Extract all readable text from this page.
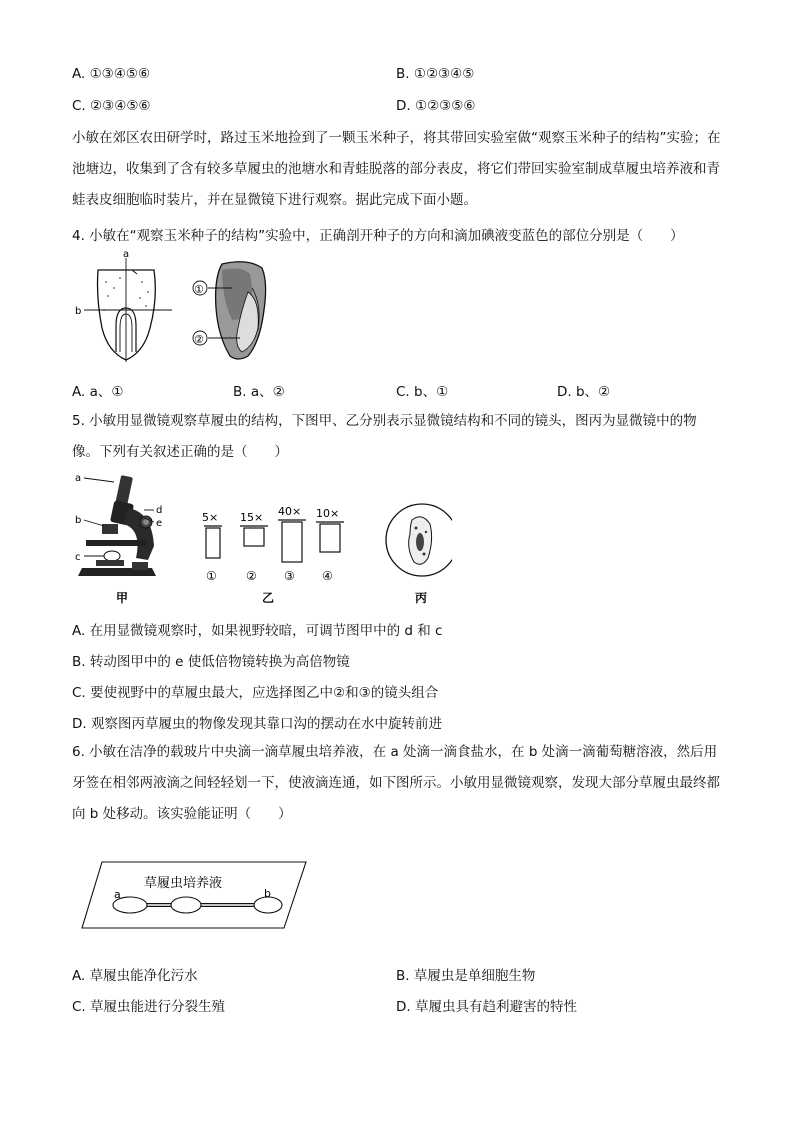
A. ①③④⑤⑥	B. ①②③④⑤
C. ②③④⑤⑥	D. ①②③⑤⑥
小敏在郊区农田研学时，路过玉米地捡到了一颗玉米种子，将其带回实验室做“观察玉米种子的结构”实验；在池塘边，收集到了含有较多草履虫的池塘水和青蛙脱落的部分表皮，将它们带回实验室制成草履虫培养液和青蛙表皮细胞临时装片，并在显微镜下进行观察。据此完成下面小题。
4. 小敏在“观察玉米种子的结构”实验中，正确剖开种子的方向和滴加碘液变蓝色的部位分别是（　　）
a
b
①
②
A. a、①	B. a、②	C. b、①	D. b、②
5. 小敏用显微镜观察草履虫的结构，下图甲、乙分别表示显微镜结构和不同的镜头，图丙为显微镜中的物像。下列有关叙述正确的是（　　）
a
b
c
d
e	5× 15× 40× 10×
① ② ③ ④
甲	乙	丙
A. 在用显微镜观察时，如果视野较暗，可调节图甲中的 d 和 c
B. 转动图甲中的 e 使低倍物镜转换为高倍物镜
C. 要使视野中的草履虫最大，应选择图乙中②和③的镜头组合
D. 观察图丙草履虫的物像发现其靠口沟的摆动在水中旋转前进
6. 小敏在洁净的载玻片中央滴一滴草履虫培养液，在 a 处滴一滴食盐水，在 b 处滴一滴葡萄糖溶液，然后用牙签在相邻两液滴之间轻轻划一下，使液滴连通，如下图所示。小敏用显微镜观察，发现大部分草履虫最终都向 b 处移动。该实验能证明（　　）
草履虫培养液
a	b
A. 草履虫能净化污水	B. 草履虫是单细胞生物
C. 草履虫能进行分裂生殖	D. 草履虫具有趋利避害的特性
